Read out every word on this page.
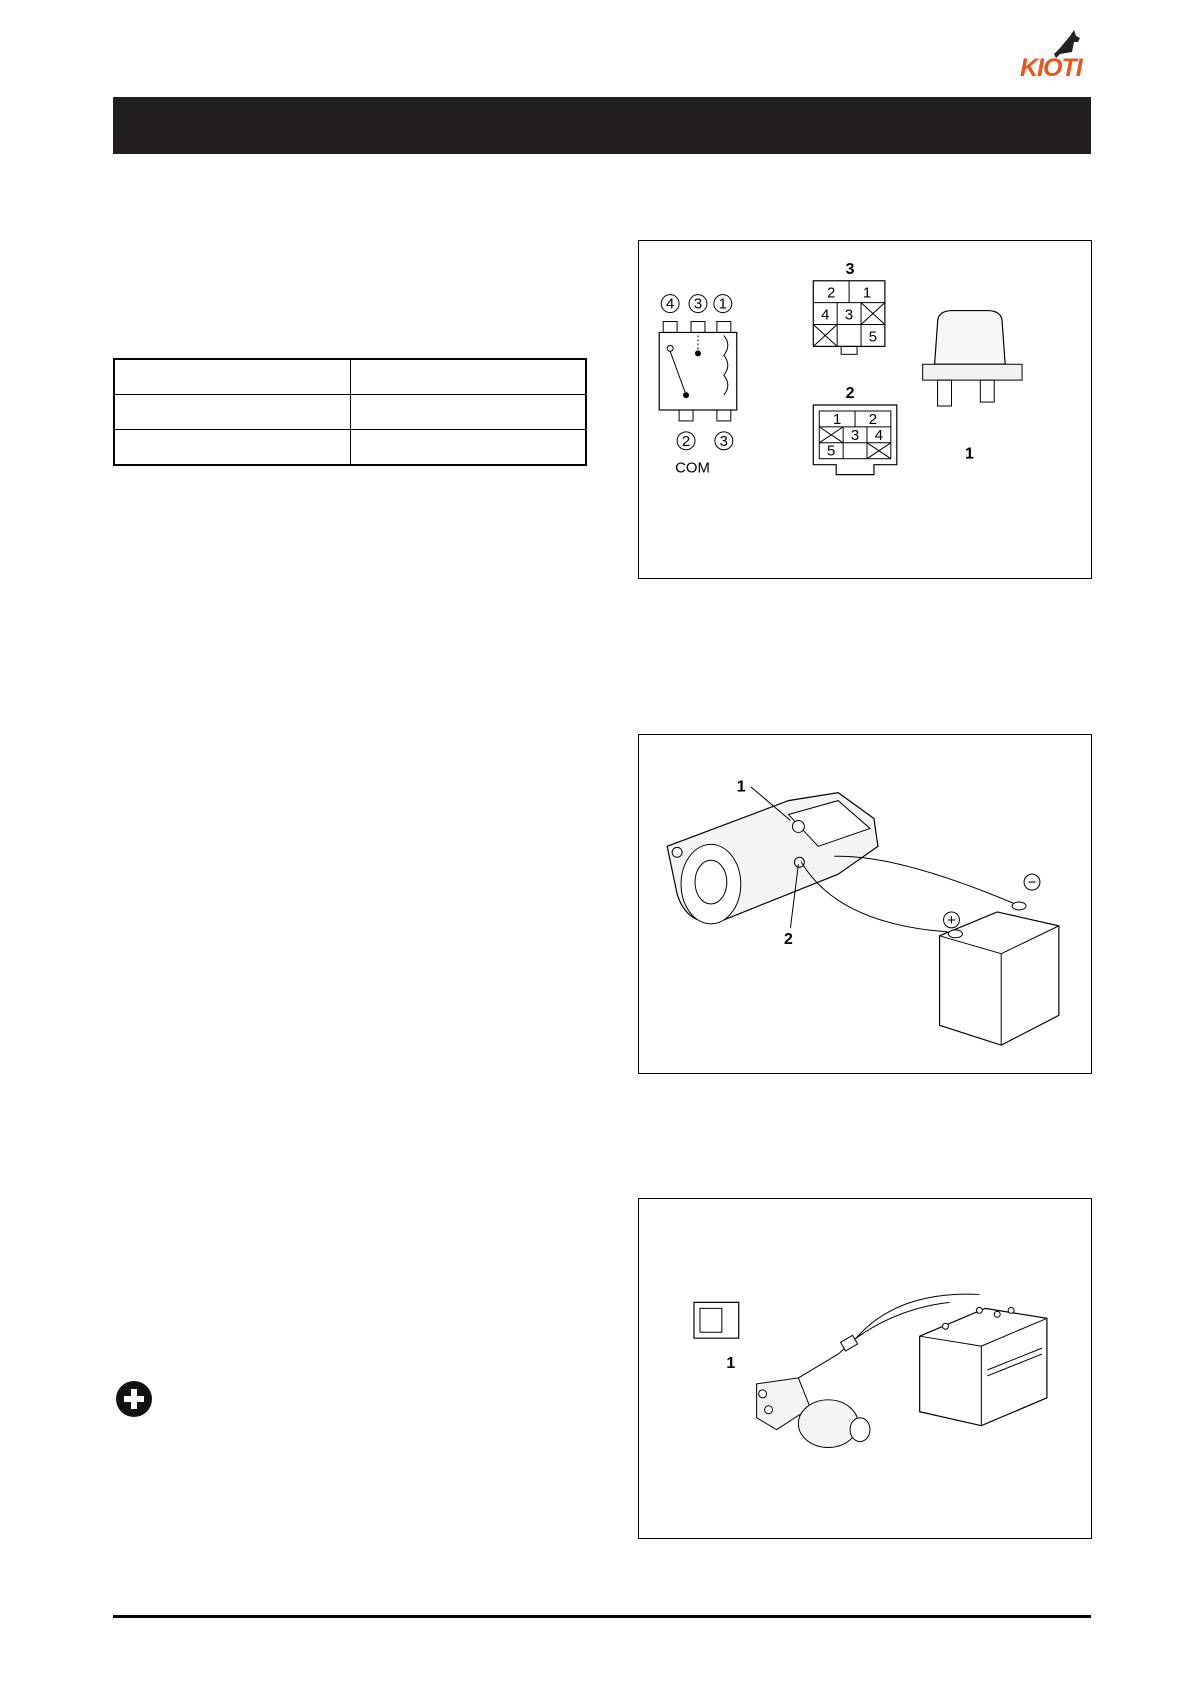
KIOTI

4 3 1
2 3
COM
3
2 1
4 3
5
2
1 2
3 4
5	1
1
2
+
−
1
